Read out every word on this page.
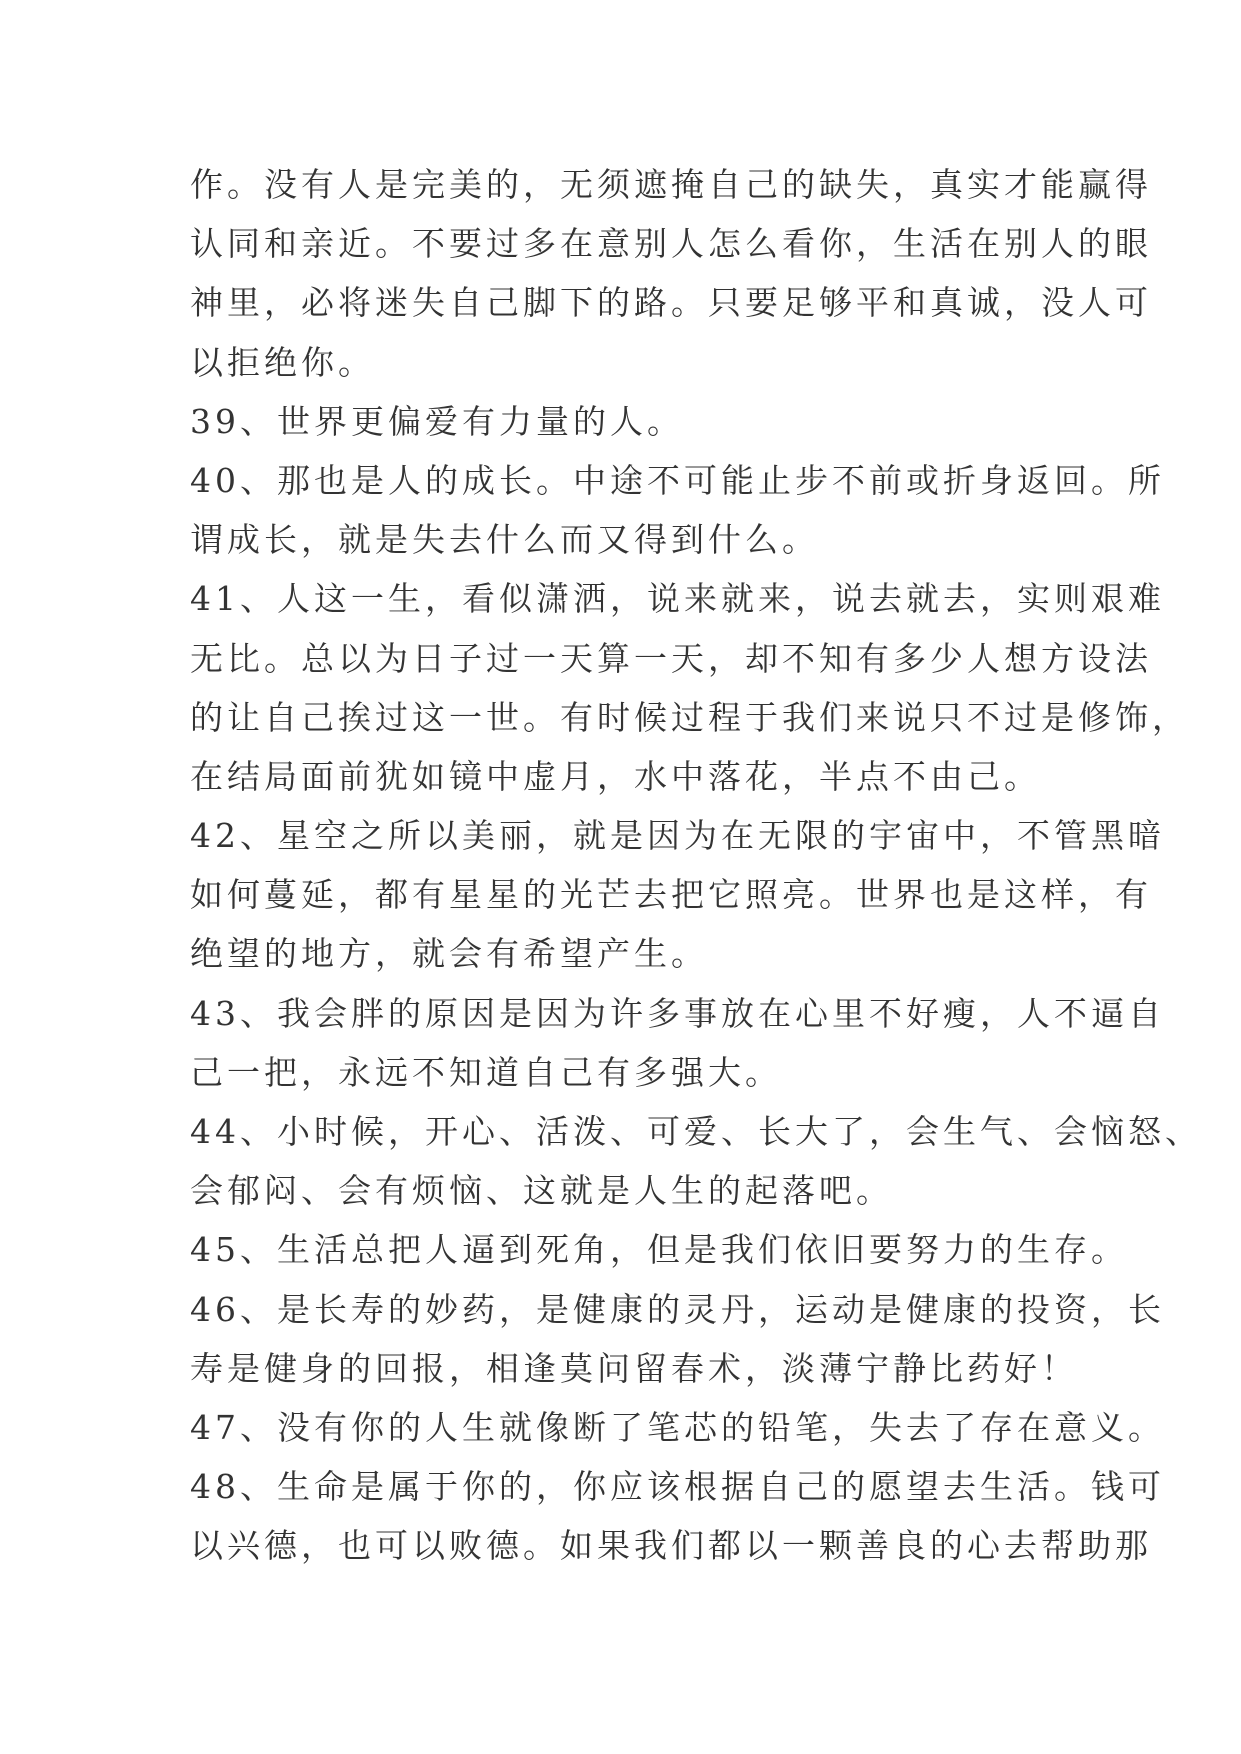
作。没有人是完美的，无须遮掩自己的缺失，真实才能赢得
认同和亲近。不要过多在意别人怎么看你，生活在别人的眼
神里，必将迷失自己脚下的路。只要足够平和真诚，没人可
以拒绝你。
39、世界更偏爱有力量的人。
40、那也是人的成长。中途不可能止步不前或折身返回。所
谓成长，就是失去什么而又得到什么。
41、人这一生，看似潇洒，说来就来，说去就去，实则艰难
无比。总以为日子过一天算一天，却不知有多少人想方设法
的让自己挨过这一世。有时候过程于我们来说只不过是修饰，
在结局面前犹如镜中虚月，水中落花，半点不由己。
42、星空之所以美丽，就是因为在无限的宇宙中，不管黑暗
如何蔓延，都有星星的光芒去把它照亮。世界也是这样，有
绝望的地方，就会有希望产生。
43、我会胖的原因是因为许多事放在心里不好瘦，人不逼自
己一把，永远不知道自己有多强大。
44、小时候，开心、活泼、可爱、长大了，会生气、会恼怒、
会郁闷、会有烦恼、这就是人生的起落吧。
45、生活总把人逼到死角，但是我们依旧要努力的生存。
46、是长寿的妙药，是健康的灵丹，运动是健康的投资，长
寿是健身的回报，相逢莫问留春术，淡薄宁静比药好！
47、没有你的人生就像断了笔芯的铅笔，失去了存在意义。
48、生命是属于你的，你应该根据自己的愿望去生活。钱可
以兴德，也可以败德。如果我们都以一颗善良的心去帮助那
